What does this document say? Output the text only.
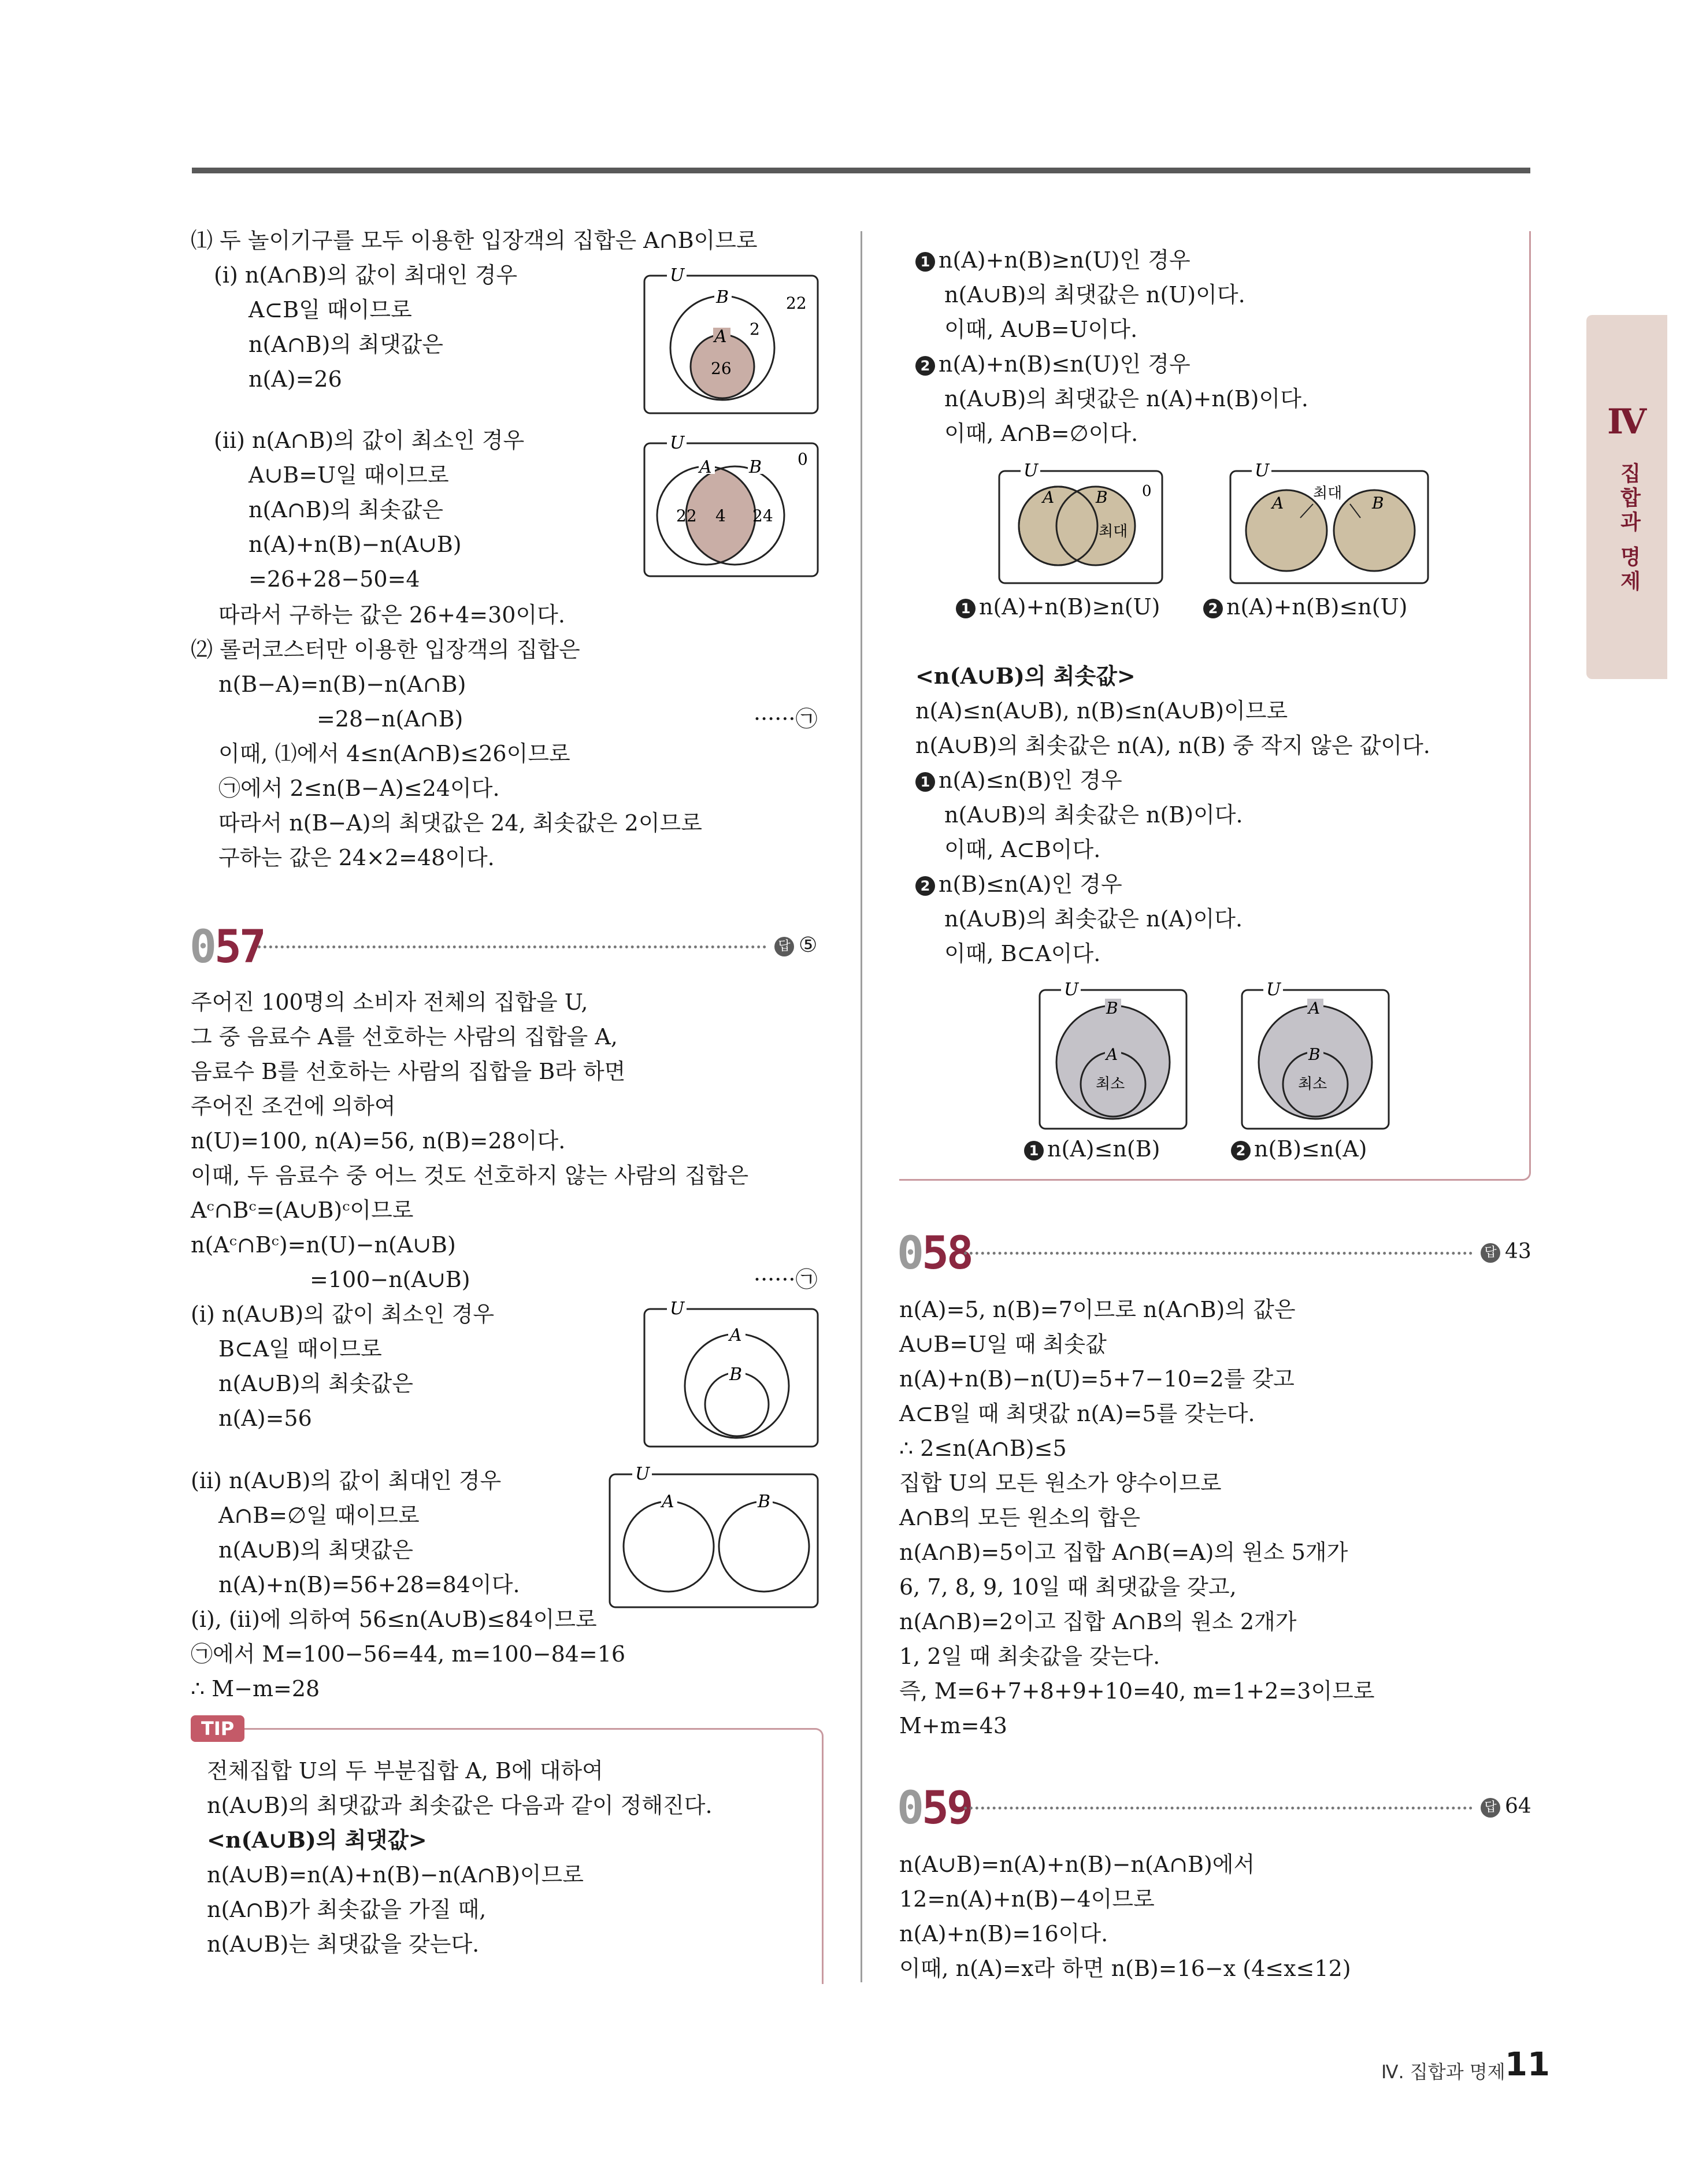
Ⅳ
집합과 명제
⑴ 두 놀이기구를 모두 이용한 입장객의 집합은 A∩B이므로
(ⅰ) n(A∩B)의 값이 최대인 경우
A⊂B일 때이므로
n(A∩B)의 최댓값은
n(A)=26
(ⅱ) n(A∩B)의 값이 최소인 경우
A∪B=U일 때이므로
n(A∩B)의 최솟값은
n(A)+n(B)−n(A∪B)
=26+28−50=4
따라서 구하는 값은 26+4=30이다.
⑵ 롤러코스터만 이용한 입장객의 집합은
n(B−A)=n(B)−n(A∩B)
=28−n(A∩B)	······㉠
이때, ⑴에서 4≤n(A∩B)≤26이므로
㉠에서 2≤n(B−A)≤24이다.
따라서 n(B−A)의 최댓값은 24, 최솟값은 2이므로
구하는 값은 24×2=48이다.
U
B
A
22
2
26
U
A B 0
22 4 24
057	답 ⑤
주어진 100명의 소비자 전체의 집합을 U,
그 중 음료수 A를 선호하는 사람의 집합을 A,
음료수 B를 선호하는 사람의 집합을 B라 하면
주어진 조건에 의하여
n(U)=100, n(A)=56, n(B)=28이다.
이때, 두 음료수 중 어느 것도 선호하지 않는 사람의 집합은
Aᶜ∩Bᶜ=(A∪B)ᶜ이므로
n(Aᶜ∩Bᶜ)=n(U)−n(A∪B)
=100−n(A∪B)	······㉠
(ⅰ) n(A∪B)의 값이 최소인 경우
B⊂A일 때이므로
n(A∪B)의 최솟값은
n(A)=56
(ⅱ) n(A∪B)의 값이 최대인 경우
A∩B=∅일 때이므로
n(A∪B)의 최댓값은
n(A)+n(B)=56+28=84이다.
(ⅰ), (ⅱ)에 의하여 56≤n(A∪B)≤84이므로
㉠에서 M=100−56=44, m=100−84=16
∴ M−m=28
U
A
B
U
A	B
TIP
전체집합 U의 두 부분집합 A, B에 대하여
n(A∪B)의 최댓값과 최솟값은 다음과 같이 정해진다.
<n(A∪B)의 최댓값>
n(A∪B)=n(A)+n(B)−n(A∩B)이므로
n(A∩B)가 최솟값을 가질 때,
n(A∪B)는 최댓값을 갖는다.
1 n(A)+n(B)≥n(U)인 경우
n(A∪B)의 최댓값은 n(U)이다.
이때, A∪B=U이다.
2 n(A)+n(B)≤n(U)인 경우
n(A∪B)의 최댓값은 n(A)+n(B)이다.
이때, A∩B=∅이다.
U
A	B 0
최대
U
A	B
최대
1 n(A)+n(B)≥n(U)	2 n(A)+n(B)≤n(U)
<n(A∪B)의 최솟값>
n(A)≤n(A∪B), n(B)≤n(A∪B)이므로
n(A∪B)의 최솟값은 n(A), n(B) 중 작지 않은 값이다.
1 n(A)≤n(B)인 경우
n(A∪B)의 최솟값은 n(B)이다.
이때, A⊂B이다.
2 n(B)≤n(A)인 경우
n(A∪B)의 최솟값은 n(A)이다.
이때, B⊂A이다.
U
B
A
최소
U
A
B
최소
1 n(A)≤n(B)	2 n(B)≤n(A)
058	답 43
n(A)=5, n(B)=7이므로 n(A∩B)의 값은
A∪B=U일 때 최솟값
n(A)+n(B)−n(U)=5+7−10=2를 갖고
A⊂B일 때 최댓값 n(A)=5를 갖는다.
∴ 2≤n(A∩B)≤5
집합 U의 모든 원소가 양수이므로
A∩B의 모든 원소의 합은
n(A∩B)=5이고 집합 A∩B(=A)의 원소 5개가
6, 7, 8, 9, 10일 때 최댓값을 갖고,
n(A∩B)=2이고 집합 A∩B의 원소 2개가
1, 2일 때 최솟값을 갖는다.
즉, M=6+7+8+9+10=40, m=1+2=3이므로
M+m=43
059	답 64
n(A∪B)=n(A)+n(B)−n(A∩B)에서
12=n(A)+n(B)−4이므로
n(A)+n(B)=16이다.
이때, n(A)=x라 하면 n(B)=16−x (4≤x≤12)
Ⅳ. 집합과 명제 11
